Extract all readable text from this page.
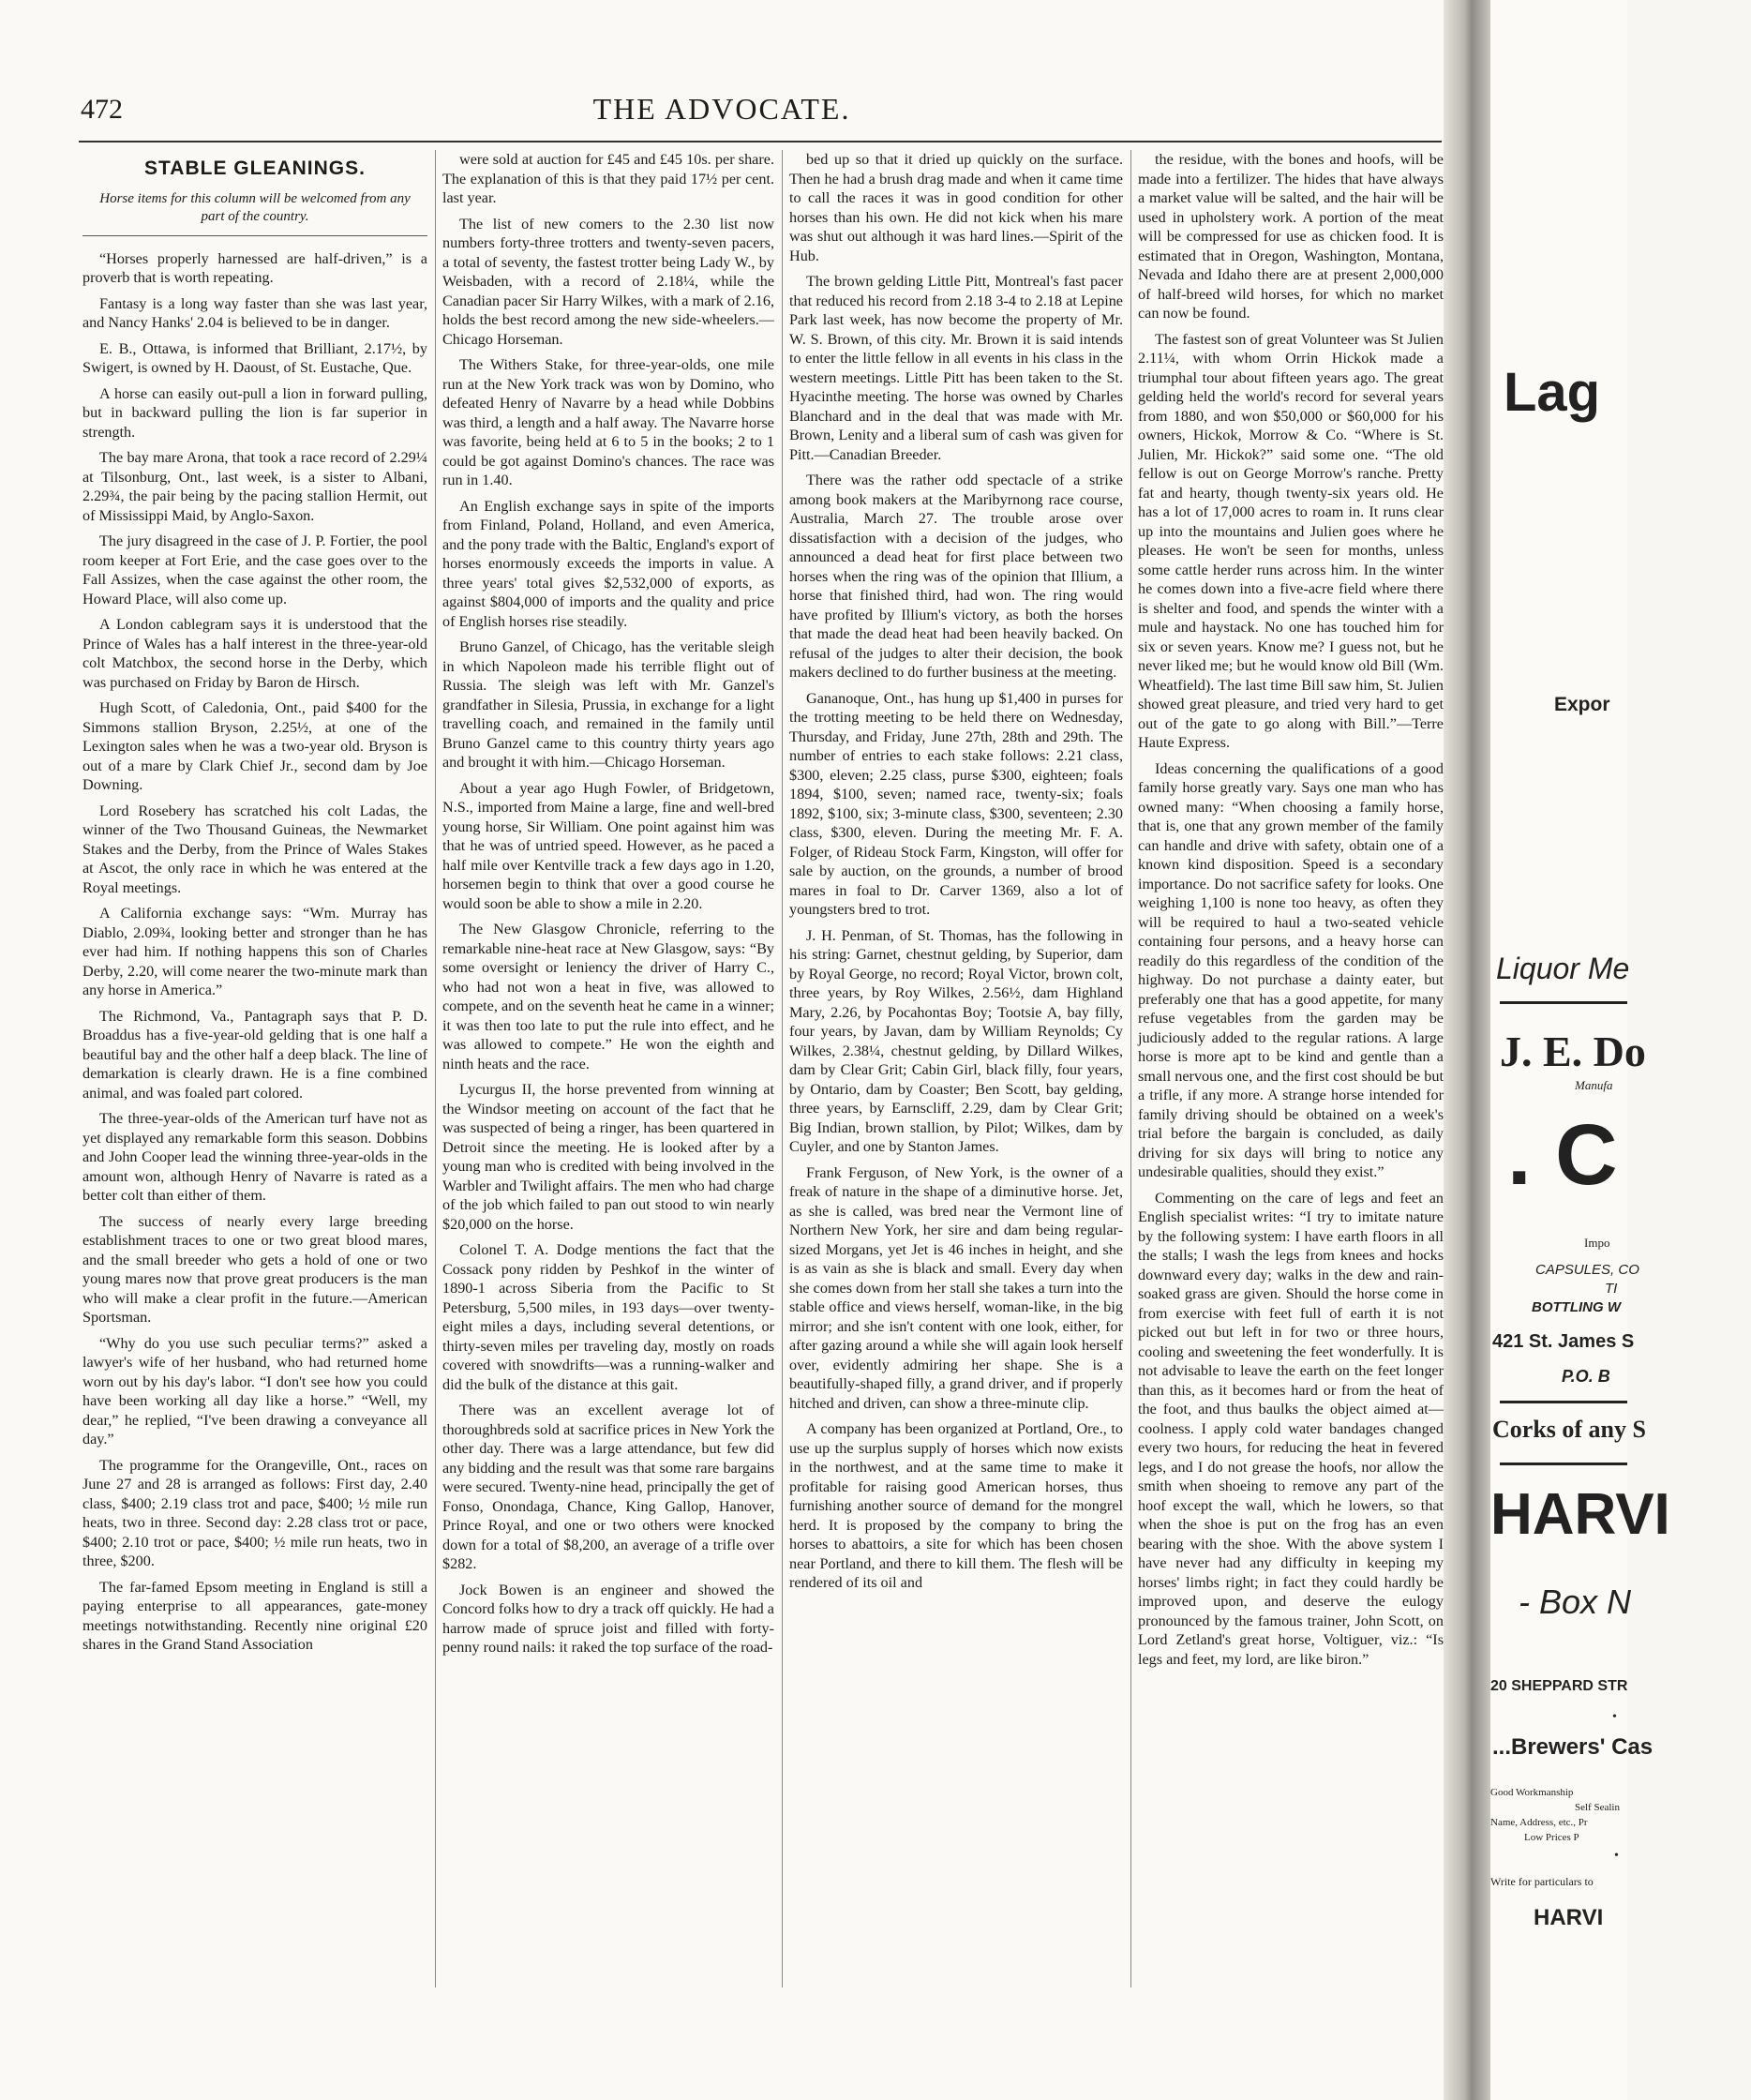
472	THE ADVOCATE.
STABLE GLEANINGS.
Horse items for this column will be welcomed from any part of the country.

“Horses properly harnessed are half-driven,” is a proverb that is worth repeating.

Fantasy is a long way faster than she was last year, and Nancy Hanks' 2.04 is believed to be in danger.

E. B., Ottawa, is informed that Brilliant, 2.17½, by Swigert, is owned by H. Daoust, of St. Eustache, Que.

A horse can easily out-pull a lion in forward pulling, but in backward pulling the lion is far superior in strength.

The bay mare Arona, that took a race record of 2.29¼ at Tilsonburg, Ont., last week, is a sister to Albani, 2.29¾, the pair being by the pacing stallion Hermit, out of Mississippi Maid, by Anglo-Saxon.

The jury disagreed in the case of J. P. Fortier, the pool room keeper at Fort Erie, and the case goes over to the Fall Assizes, when the case against the other room, the Howard Place, will also come up.

A London cablegram says it is understood that the Prince of Wales has a half interest in the three-year-old colt Matchbox, the second horse in the Derby, which was purchased on Friday by Baron de Hirsch.

Hugh Scott, of Caledonia, Ont., paid $400 for the Simmons stallion Bryson, 2.25½, at one of the Lexington sales when he was a two-year old. Bryson is out of a mare by Clark Chief Jr., second dam by Joe Downing.

Lord Rosebery has scratched his colt Ladas, the winner of the Two Thousand Guineas, the Newmarket Stakes and the Derby, from the Prince of Wales Stakes at Ascot, the only race in which he was entered at the Royal meetings.

A California exchange says: “Wm. Murray has Diablo, 2.09¾, looking better and stronger than he has ever had him. If nothing happens this son of Charles Derby, 2.20, will come nearer the two-minute mark than any horse in America.”

The Richmond, Va., Pantagraph says that P. D. Broaddus has a five-year-old gelding that is one half a beautiful bay and the other half a deep black. The line of demarkation is clearly drawn. He is a fine combined animal, and was foaled part colored.

The three-year-olds of the American turf have not as yet displayed any remarkable form this season. Dobbins and John Cooper lead the winning three-year-olds in the amount won, although Henry of Navarre is rated as a better colt than either of them.

The success of nearly every large breeding establishment traces to one or two great blood mares, and the small breeder who gets a hold of one or two young mares now that prove great producers is the man who will make a clear profit in the future.—American Sportsman.

“Why do you use such peculiar terms?” asked a lawyer's wife of her husband, who had returned home worn out by his day's labor. “I don't see how you could have been working all day like a horse.” “Well, my dear,” he replied, “I've been drawing a conveyance all day.”

The programme for the Orangeville, Ont., races on June 27 and 28 is arranged as follows: First day, 2.40 class, $400; 2.19 class trot and pace, $400; ½ mile run heats, two in three. Second day: 2.28 class trot or pace, $400; 2.10 trot or pace, $400; ½ mile run heats, two in three, $200.

The far-famed Epsom meeting in England is still a paying enterprise to all appearances, gate-money meetings notwithstanding. Recently nine original £20 shares in the Grand Stand Association

were sold at auction for £45 and £45 10s. per share. The explanation of this is that they paid 17½ per cent. last year.

The list of new comers to the 2.30 list now numbers forty-three trotters and twenty-seven pacers, a total of seventy, the fastest trotter being Lady W., by Weisbaden, with a record of 2.18¼, while the Canadian pacer Sir Harry Wilkes, with a mark of 2.16, holds the best record among the new side-wheelers.—Chicago Horseman.

The Withers Stake, for three-year-olds, one mile run at the New York track was won by Domino, who defeated Henry of Navarre by a head while Dobbins was third, a length and a half away. The Navarre horse was favorite, being held at 6 to 5 in the books; 2 to 1 could be got against Domino's chances. The race was run in 1.40.

An English exchange says in spite of the imports from Finland, Poland, Holland, and even America, and the pony trade with the Baltic, England's export of horses enormously exceeds the imports in value. A three years' total gives $2,532,000 of exports, as against $804,000 of imports and the quality and price of English horses rise steadily.

Bruno Ganzel, of Chicago, has the veritable sleigh in which Napoleon made his terrible flight out of Russia. The sleigh was left with Mr. Ganzel's grandfather in Silesia, Prussia, in exchange for a light travelling coach, and remained in the family until Bruno Ganzel came to this country thirty years ago and brought it with him.—Chicago Horseman.

About a year ago Hugh Fowler, of Bridgetown, N.S., imported from Maine a large, fine and well-bred young horse, Sir William. One point against him was that he was of untried speed. However, as he paced a half mile over Kentville track a few days ago in 1.20, horsemen begin to think that over a good course he would soon be able to show a mile in 2.20.

The New Glasgow Chronicle, referring to the remarkable nine-heat race at New Glasgow, says: “By some oversight or leniency the driver of Harry C., who had not won a heat in five, was allowed to compete, and on the seventh heat he came in a winner; it was then too late to put the rule into effect, and he was allowed to compete.” He won the eighth and ninth heats and the race.

Lycurgus II, the horse prevented from winning at the Windsor meeting on account of the fact that he was suspected of being a ringer, has been quartered in Detroit since the meeting. He is looked after by a young man who is credited with being involved in the Warbler and Twilight affairs. The men who had charge of the job which failed to pan out stood to win nearly $20,000 on the horse.

Colonel T. A. Dodge mentions the fact that the Cossack pony ridden by Peshkof in the winter of 1890-1 across Siberia from the Pacific to St Petersburg, 5,500 miles, in 193 days—over twenty-eight miles a days, including several detentions, or thirty-seven miles per traveling day, mostly on roads covered with snowdrifts—was a running-walker and did the bulk of the distance at this gait.

There was an excellent average lot of thoroughbreds sold at sacrifice prices in New York the other day. There was a large attendance, but few did any bidding and the result was that some rare bargains were secured. Twenty-nine head, principally the get of Fonso, Onondaga, Chance, King Gallop, Hanover, Prince Royal, and one or two others were knocked down for a total of $8,200, an average of a trifle over $282.

Jock Bowen is an engineer and showed the Concord folks how to dry a track off quickly. He had a harrow made of spruce joist and filled with forty-penny round nails: it raked the top surface of the road-

bed up so that it dried up quickly on the surface. Then he had a brush drag made and when it came time to call the races it was in good condition for other horses than his own. He did not kick when his mare was shut out although it was hard lines.—Spirit of the Hub.

The brown gelding Little Pitt, Montreal's fast pacer that reduced his record from 2.18 3-4 to 2.18 at Lepine Park last week, has now become the property of Mr. W. S. Brown, of this city. Mr. Brown it is said intends to enter the little fellow in all events in his class in the western meetings. Little Pitt has been taken to the St. Hyacinthe meeting. The horse was owned by Charles Blanchard and in the deal that was made with Mr. Brown, Lenity and a liberal sum of cash was given for Pitt.—Canadian Breeder.

There was the rather odd spectacle of a strike among book makers at the Maribyrnong race course, Australia, March 27. The trouble arose over dissatisfaction with a decision of the judges, who announced a dead heat for first place between two horses when the ring was of the opinion that Illium, a horse that finished third, had won. The ring would have profited by Illium's victory, as both the horses that made the dead heat had been heavily backed. On refusal of the judges to alter their decision, the book makers declined to do further business at the meeting.

Gananoque, Ont., has hung up $1,400 in purses for the trotting meeting to be held there on Wednesday, Thursday, and Friday, June 27th, 28th and 29th. The number of entries to each stake follows: 2.21 class, $300, eleven; 2.25 class, purse $300, eighteen; foals 1894, $100, seven; named race, twenty-six; foals 1892, $100, six; 3-minute class, $300, seventeen; 2.30 class, $300, eleven. During the meeting Mr. F. A. Folger, of Rideau Stock Farm, Kingston, will offer for sale by auction, on the grounds, a number of brood mares in foal to Dr. Carver 1369, also a lot of youngsters bred to trot.

J. H. Penman, of St. Thomas, has the following in his string: Garnet, chestnut gelding, by Superior, dam by Royal George, no record; Royal Victor, brown colt, three years, by Roy Wilkes, 2.56½, dam Highland Mary, 2.26, by Pocahontas Boy; Tootsie A, bay filly, four years, by Javan, dam by William Reynolds; Cy Wilkes, 2.38¼, chestnut gelding, by Dillard Wilkes, dam by Clear Grit; Cabin Girl, black filly, four years, by Ontario, dam by Coaster; Ben Scott, bay gelding, three years, by Earnscliff, 2.29, dam by Clear Grit; Big Indian, brown stallion, by Pilot; Wilkes, dam by Cuyler, and one by Stanton James.

Frank Ferguson, of New York, is the owner of a freak of nature in the shape of a diminutive horse. Jet, as she is called, was bred near the Vermont line of Northern New York, her sire and dam being regular-sized Morgans, yet Jet is 46 inches in height, and she is as vain as she is black and small. Every day when she comes down from her stall she takes a turn into the stable office and views herself, woman-like, in the big mirror; and she isn't content with one look, either, for after gazing around a while she will again look herself over, evidently admiring her shape. She is a beautifully-shaped filly, a grand driver, and if properly hitched and driven, can show a three-minute clip.

A company has been organized at Portland, Ore., to use up the surplus supply of horses which now exists in the northwest, and at the same time to make it profitable for raising good American horses, thus furnishing another source of demand for the mongrel herd. It is proposed by the company to bring the horses to abattoirs, a site for which has been chosen near Portland, and there to kill them. The flesh will be rendered of its oil and

the residue, with the bones and hoofs, will be made into a fertilizer. The hides that have always a market value will be salted, and the hair will be used in upholstery work. A portion of the meat will be compressed for use as chicken food. It is estimated that in Oregon, Washington, Montana, Nevada and Idaho there are at present 2,000,000 of half-breed wild horses, for which no market can now be found.

The fastest son of great Volunteer was St Julien 2.11¼, with whom Orrin Hickok made a triumphal tour about fifteen years ago. The great gelding held the world's record for several years from 1880, and won $50,000 or $60,000 for his owners, Hickok, Morrow & Co. “Where is St. Julien, Mr. Hickok?” said some one. “The old fellow is out on George Morrow's ranche. Pretty fat and hearty, though twenty-six years old. He has a lot of 17,000 acres to roam in. It runs clear up into the mountains and Julien goes where he pleases. He won't be seen for months, unless some cattle herder runs across him. In the winter he comes down into a five-acre field where there is shelter and food, and spends the winter with a mule and haystack. No one has touched him for six or seven years. Know me? I guess not, but he never liked me; but he would know old Bill (Wm. Wheatfield). The last time Bill saw him, St. Julien showed great pleasure, and tried very hard to get out of the gate to go along with Bill.”—Terre Haute Express.

Ideas concerning the qualifications of a good family horse greatly vary. Says one man who has owned many: “When choosing a family horse, that is, one that any grown member of the family can handle and drive with safety, obtain one of a known kind disposition. Speed is a secondary importance. Do not sacrifice safety for looks. One weighing 1,100 is none too heavy, as often they will be required to haul a two-seated vehicle containing four persons, and a heavy horse can readily do this regardless of the condition of the highway. Do not purchase a dainty eater, but preferably one that has a good appetite, for many refuse vegetables from the garden may be judiciously added to the regular rations. A large horse is more apt to be kind and gentle than a small nervous one, and the first cost should be but a trifle, if any more. A strange horse intended for family driving should be obtained on a week's trial before the bargain is concluded, as daily driving for six days will bring to notice any undesirable qualities, should they exist.”

Commenting on the care of legs and feet an English specialist writes: “I try to imitate nature by the following system: I have earth floors in all the stalls; I wash the legs from knees and hocks downward every day; walks in the dew and rain-soaked grass are given. Should the horse come in from exercise with feet full of earth it is not picked out but left in for two or three hours, cooling and sweetening the feet wonderfully. It is not advisable to leave the earth on the feet longer than this, as it becomes hard or from the heat of the foot, and thus baulks the object aimed at—coolness. I apply cold water bandages changed every two hours, for reducing the heat in fevered legs, and I do not grease the hoofs, nor allow the smith when shoeing to remove any part of the hoof except the wall, which he lowers, so that when the shoe is put on the frog has an even bearing with the shoe. With the above system I have never had any difficulty in keeping my horses' limbs right; in fact they could hardly be improved upon, and deserve the eulogy pronounced by the famous trainer, John Scott, on Lord Zetland's great horse, Voltiguer, viz.: “Is legs and feet, my lord, are like biron.”

Lag
Expor
Liquor Me
J. E. Do
Manufa
. C
Impo
CAPSULES, CO
TI
BOTTLING W
421 St. James S
P.O. B
Corks of any S
HARVI
- Box N
20 SHEPPARD STR
•
...Brewers' Cas
Good Workmanship
Self Sealin
Name, Address, etc., Pr
Low Prices P
•
Write for particulars to
HARVI
